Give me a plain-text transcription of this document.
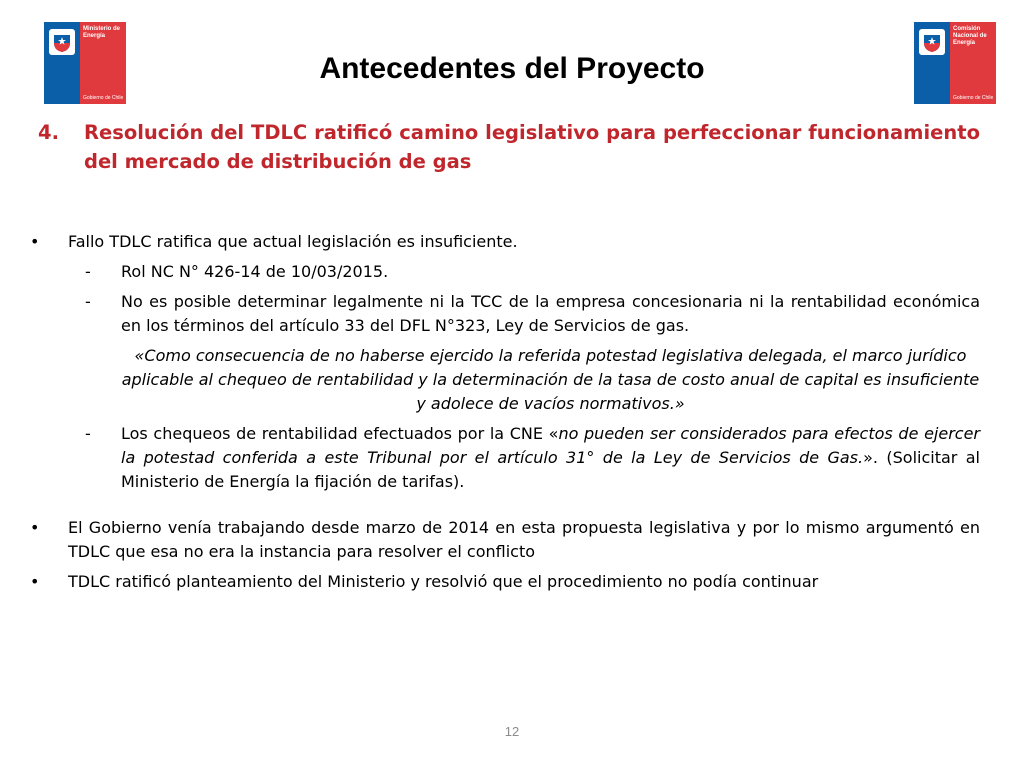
Ministerio de
Energía
Gobierno de Chile
Comisión
Nacional de
Energía
Gobierno de Chile
Antecedentes del Proyecto
4.	Resolución del TDLC ratificó camino legislativo para perfeccionar funcionamiento del mercado de distribución de gas
•	Fallo TDLC ratifica que actual legislación es insuficiente.
-	Rol NC N° 426-14 de 10/03/2015.
-	No es posible determinar legalmente ni la TCC de la empresa concesionaria ni la rentabilidad económica en los términos del artículo 33 del DFL N°323, Ley de Servicios de gas.
«Como consecuencia de no haberse ejercido la referida potestad legislativa delegada, el marco jurídico aplicable al chequeo de rentabilidad y la determinación de la tasa de costo anual de capital es insuficiente y adolece de vacíos normativos.»
-	Los chequeos de rentabilidad efectuados por la CNE «no pueden ser considerados para efectos de ejercer la potestad conferida a este Tribunal por el artículo 31° de la Ley de Servicios de Gas.». (Solicitar al Ministerio de Energía la fijación de tarifas).
•	El Gobierno venía trabajando desde marzo de 2014 en esta propuesta legislativa y por lo mismo argumentó en TDLC que esa no era la instancia para resolver el conflicto
•	TDLC ratificó planteamiento del Ministerio y resolvió que el procedimiento no podía continuar
12
